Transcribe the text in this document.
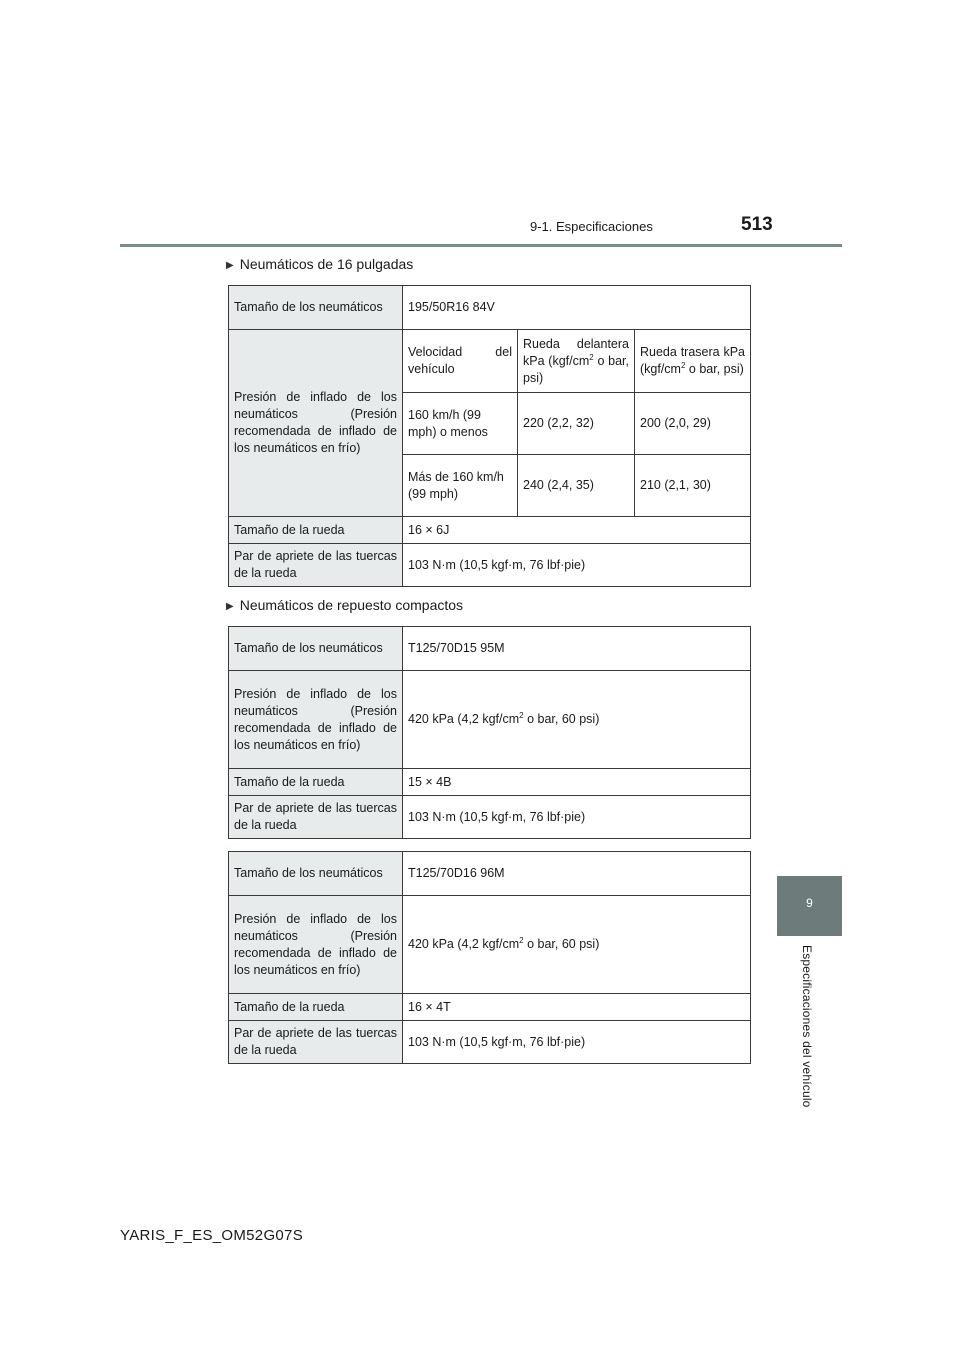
9-1. Especificaciones	513
9
Especificaciones del vehículo
▶ Neumáticos de 16 pulgadas
Tamaño de los neumáticos	195/50R16 84V		
Presión de inflado de los neumáticos (Presión recomendada de inflado de los neumáticos en frío)	Velocidad del vehículo	Rueda delantera kPa ($kgf/cm^2$ o bar, psi)	Rueda trasera kPa ($kgf/cm^2$ o bar, psi)
	160 km/h (99 mph) o menos	220 (2,2, 32)	200 (2,0, 29)
	Más de 160 km/h (99 mph)	240 (2,4, 35)	210 (2,1, 30)
Tamaño de la rueda	16 × 6J		
Par de apriete de las tuercas de la rueda	103 N·m (10,5 kgf·m, 76 lbf·pie)		
▶ Neumáticos de repuesto compactos
Tamaño de los neumáticos	T125/70D15 95M
Presión de inflado de los neumáticos (Presión recomendada de inflado de los neumáticos en frío)	420 kPa (4,2 kgf/$cm^2$ o bar, 60 psi)
Tamaño de la rueda	15 × 4B
Par de apriete de las tuercas de la rueda	103 N·m (10,5 kgf·m, 76 lbf·pie)
Tamaño de los neumáticos	T125/70D16 96M
Presión de inflado de los neumáticos (Presión recomendada de inflado de los neumáticos en frío)	420 kPa (4,2 kgf/$cm^2$ o bar, 60 psi)
Tamaño de la rueda	16 × 4T
Par de apriete de las tuercas de la rueda	103 N·m (10,5 kgf·m, 76 lbf·pie)
YARIS_F_ES_OM52G07S
